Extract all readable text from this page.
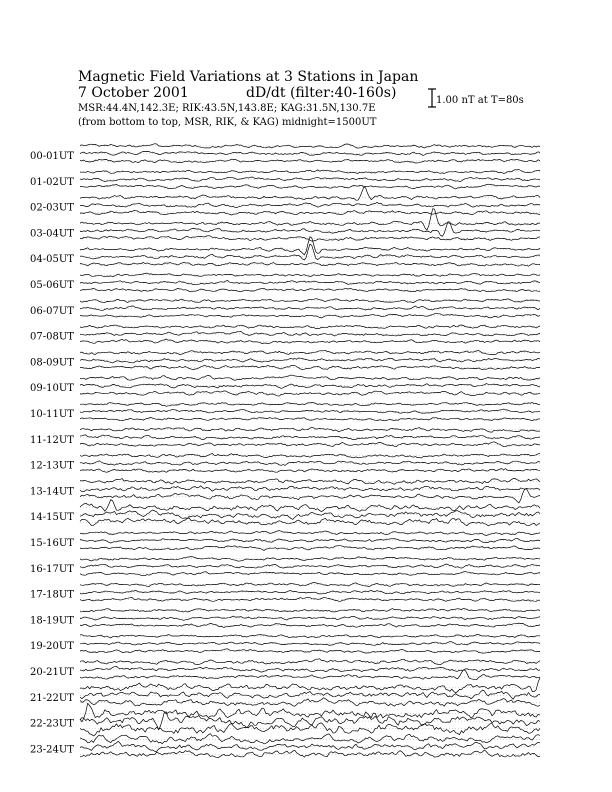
Magnetic Field Variations at 3 Stations in Japan
7 October 2001	dD/dt (filter:40-160s)
MSR:44.4N,142.3E; RIK:43.5N,143.8E; KAG:31.5N,130.7E
(from bottom to top, MSR, RIK, & KAG) midnight=1500UT
1.00 nT at T=80s
00-01UT
01-02UT
02-03UT
03-04UT
04-05UT
05-06UT
06-07UT
07-08UT
08-09UT
09-10UT
10-11UT
11-12UT
12-13UT
13-14UT
14-15UT
15-16UT
16-17UT
17-18UT
18-19UT
19-20UT
20-21UT
21-22UT
22-23UT
23-24UT
